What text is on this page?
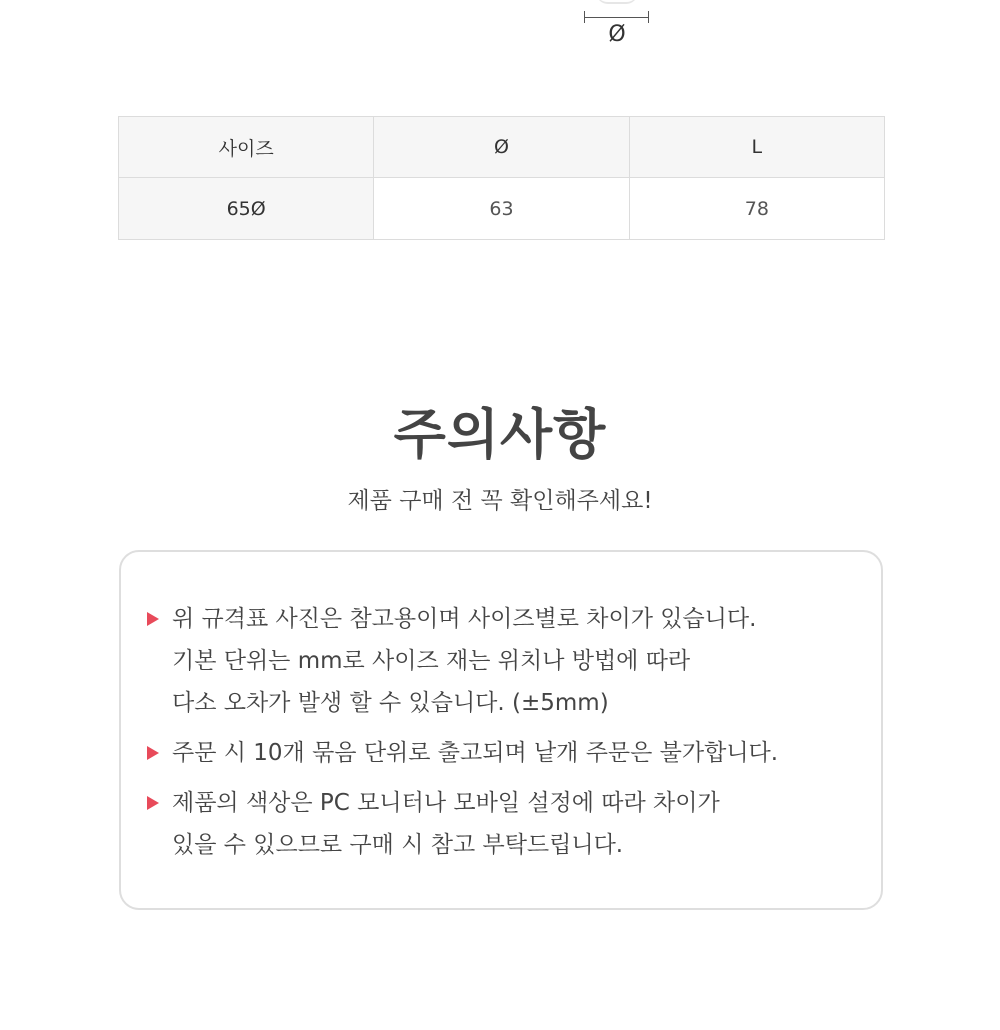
Ø
사이즈	Ø	L
65Ø	63	78
주의사항
제품 구매 전 꼭 확인해주세요!
위 규격표 사진은 참고용이며 사이즈별로 차이가 있습니다.
기본 단위는 mm로 사이즈 재는 위치나 방법에 따라
다소 오차가 발생 할 수 있습니다. (±5mm)
주문 시 10개 묶음 단위로 출고되며 낱개 주문은 불가합니다.
제품의 색상은 PC 모니터나 모바일 설정에 따라 차이가
있을 수 있으므로 구매 시 참고 부탁드립니다.
